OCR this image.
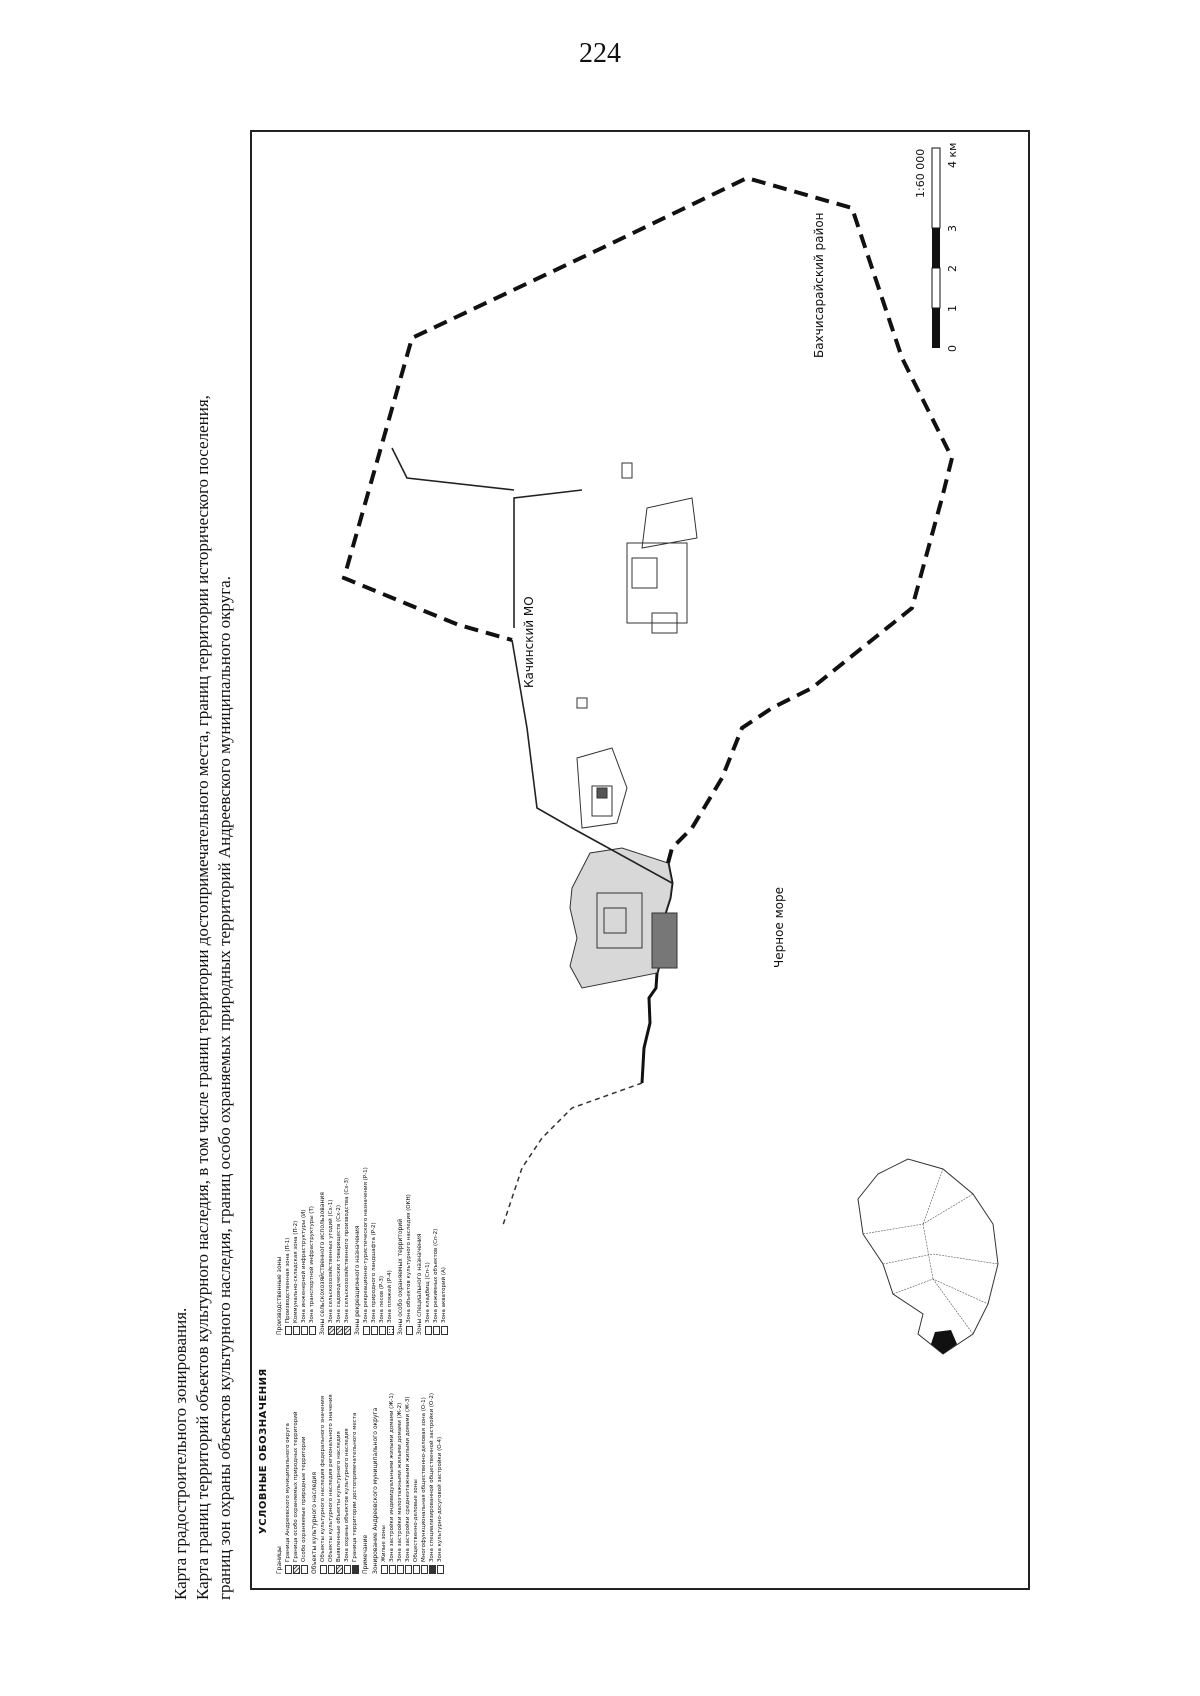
224
Карта градостроительного зонирования. Карта границ территорий объектов культурного наследия, в том числе границ территории достопримечательного места, границ территории исторического поселения, границ зон охраны объектов культурного наследия, границ особо охраняемых природных территорий Андреевского муниципального округа. УСЛОВНЫЕ ОБОЗНАЧЕНИЯ
Границы Граница Андреевского муниципального округа Граница особо охраняемых природных территорий Особо охраняемые природные территории Объекты культурного наследия Объекты культурного наследия федерального значения Объекты культурного наследия регионального значения Выявленные объекты культурного наследия Зона охраны объектов культурного наследия Граница территории достопримечательного места Примечание Зонирование Андреевского муниципального округа Жилые зоны Зона застройки индивидуальными жилыми домами (Ж-1) Зона застройки малоэтажными жилыми домами (Ж-2) Зона застройки среднеэтажными жилыми домами (Ж-3) Общественно-деловые зоны Многофункциональная общественно-деловая зона (О-1) Зона специализированной общественной застройки (О-2) Зона культурно-досуговой застройки (О-4)
Производственные зоны Производственная зона (П-1) Коммунально-складская зона (П-2) Зона инженерной инфраструктуры (И) Зона транспортной инфраструктуры (Т) Зоны сельскохозяйственного использования Зона сельскохозяйственных угодий (Сх-1) Зона садоводческих товариществ (Сх-2) Зона сельскохозяйственного производства (Сх-3) Зоны рекреационного назначения Зона рекреационно-туристического назначения (Р-1) Зона природного ландшафта (Р-2) Зона лесов (Р-3) Зона пляжей (Р-4) Зоны особо охраняемых территорий Зона объектов культурного наследия (ОКН) Зоны специального назначения Зона кладбищ (Сп-1) Зона режимных объектов (Сп-2) Зона акваторий (А)
Бахчисарайский район
Качинский МО
Черное море
1:60 000
0
1
2
3
4 км
